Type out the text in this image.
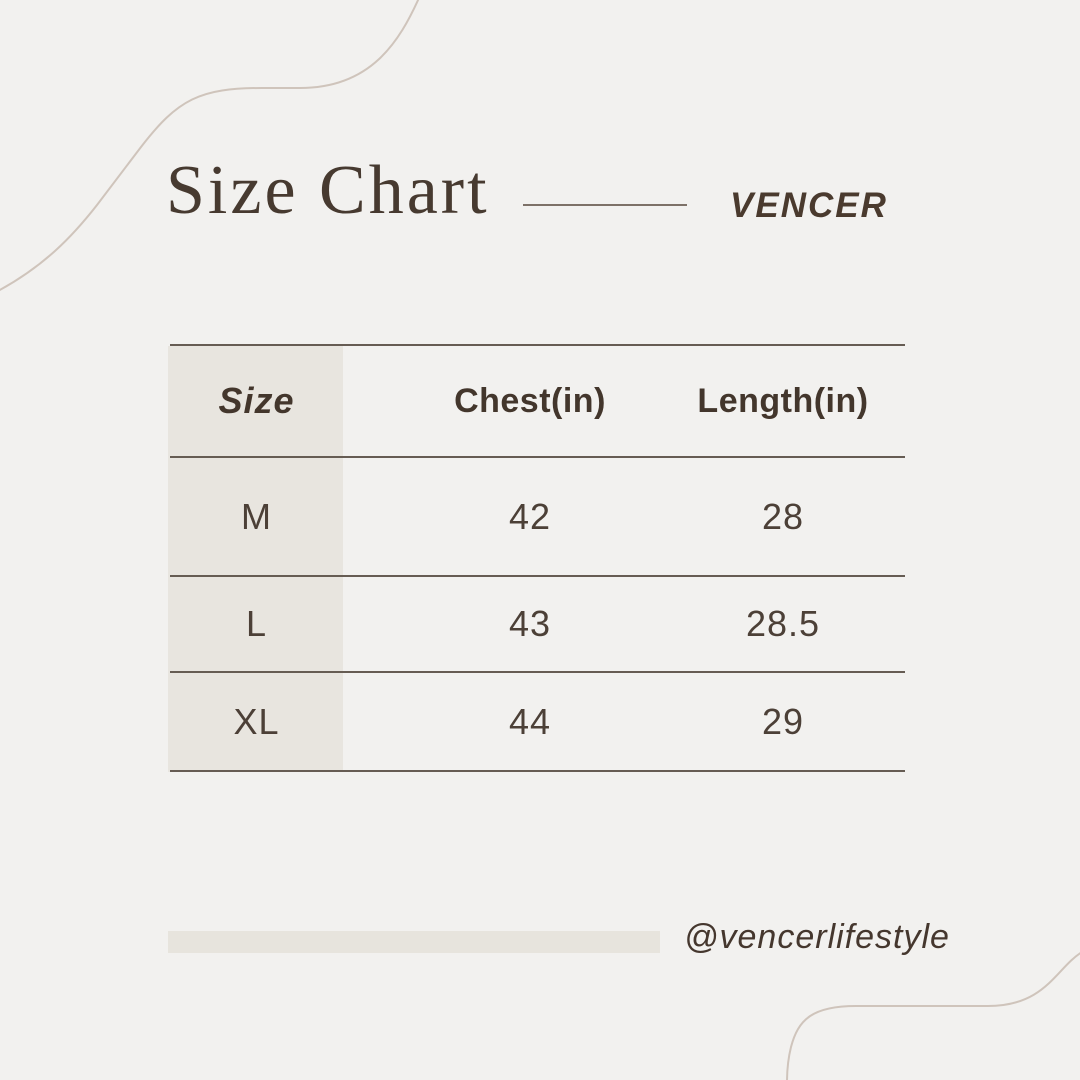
Size Chart	VENCER
Size	Chest(in)	Length(in)
M	42	28
L	43	28.5
XL	44	29
@vencerlifestyle
